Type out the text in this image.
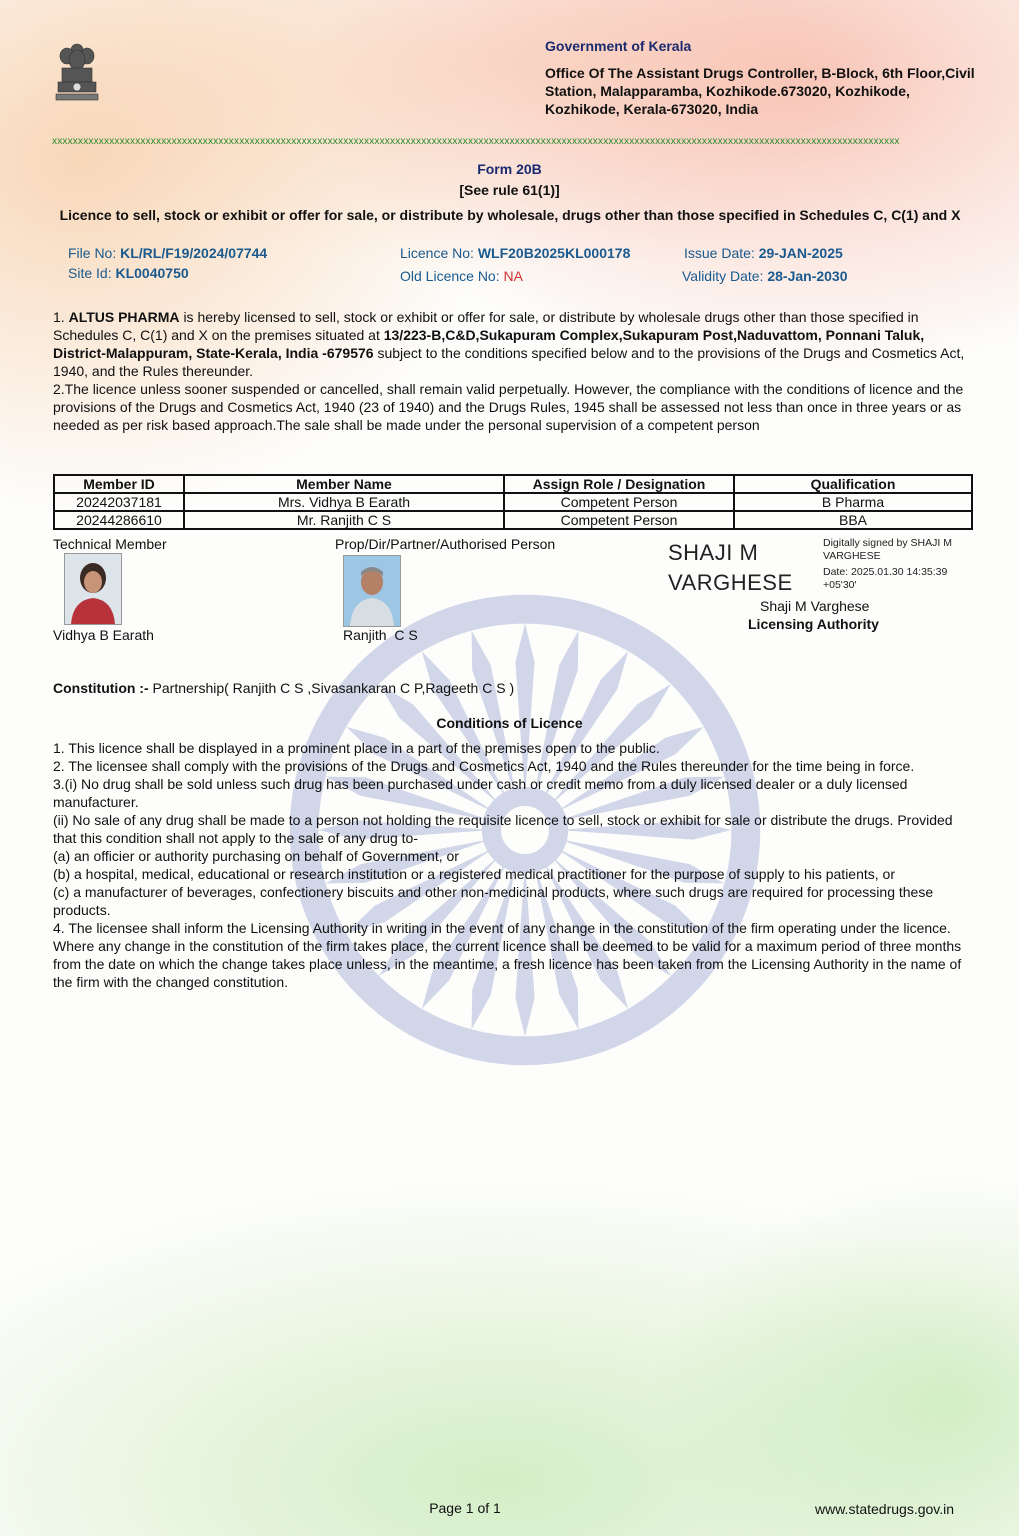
Government of Kerala
Office Of The Assistant Drugs Controller, B-Block, 6th Floor,Civil Station, Malapparamba, Kozhikode.673020, Kozhikode, Kozhikode, Kerala-673020, India
xxxxxxxxxxxxxxxxxxxxxxxxxxxxxxxxxxxxxxxxxxxxxxxxxxxxxxxxxxxxxxxxxxxxxxxxxxxxxxxxxxxxxxxxxxxxxxxxxxxxxxxxxxxxxxxxxxxxxxxxxxxxxxxxxxxxxxxxxxxxxxxxxxxxxxxxxxxxxxxxxxx
Form 20B
[See rule 61(1)]
Licence to sell, stock or exhibit or offer for sale, or distribute by wholesale, drugs other than those specified in Schedules C, C(1) and X
File No: KL/RL/F19/2024/07744
Site Id: KL0040750
Licence No: WLF20B2025KL000178
Old Licence No: NA
Issue Date: 29-JAN-2025
Validity Date: 28-Jan-2030
1. ALTUS PHARMA is hereby licensed to sell, stock or exhibit or offer for sale, or distribute by wholesale drugs other than those specified in Schedules C, C(1) and X on the premises situated at 13/223-B,C&D,Sukapuram Complex,Sukapuram Post,Naduvattom, Ponnani Taluk, District-Malappuram, State-Kerala, India -679576 subject to the conditions specified below and to the provisions of the Drugs and Cosmetics Act, 1940, and the Rules thereunder.
2.The licence unless sooner suspended or cancelled, shall remain valid perpetually. However, the compliance with the conditions of licence and the provisions of the Drugs and Cosmetics Act, 1940 (23 of 1940) and the Drugs Rules, 1945 shall be assessed not less than once in three years or as needed as per risk based approach.The sale shall be made under the personal supervision of a competent person
Member ID	Member Name	Assign Role / Designation	Qualification
20242037181	Mrs. Vidhya B Earath	Competent Person	B Pharma
20244286610	Mr. Ranjith C S	Competent Person	BBA
Technical Member
Vidhya B Earath
Prop/Dir/Partner/Authorised Person
Ranjith  C S
SHAJI M
VARGHESE
Digitally signed by SHAJI M
VARGHESE
Date: 2025.01.30 14:35:39
+05'30'
Shaji M Varghese
Licensing Authority
Constitution :- Partnership( Ranjith C S ,Sivasankaran C P,Rageeth C S )
Conditions of Licence
1. This licence shall be displayed in a prominent place in a part of the premises open to the public.
2. The licensee shall comply with the provisions of the Drugs and Cosmetics Act, 1940 and the Rules thereunder for the time being in force.
3.(i) No drug shall be sold unless such drug has been purchased under cash or credit memo from a duly licensed dealer or a duly licensed manufacturer.
(ii) No sale of any drug shall be made to a person not holding the requisite licence to sell, stock or exhibit for sale or distribute the drugs. Provided that this condition shall not apply to the sale of any drug to-
(a) an officier or authority purchasing on behalf of Government, or
(b) a hospital, medical, educational or research institution or a registered medical practitioner for the purpose of supply to his patients, or
(c) a manufacturer of beverages, confectionery biscuits and other non-medicinal products, where such drugs are required for processing these products.
4. The licensee shall inform the Licensing Authority in writing in the event of any change in the constitution of the firm operating under the licence. Where any change in the constitution of the firm takes place, the current licence shall be deemed to be valid for a maximum period of three months from the date on which the change takes place unless, in the meantime, a fresh licence has been taken from the Licensing Authority in the name of the firm with the changed constitution.
Page 1 of 1	www.statedrugs.gov.in
